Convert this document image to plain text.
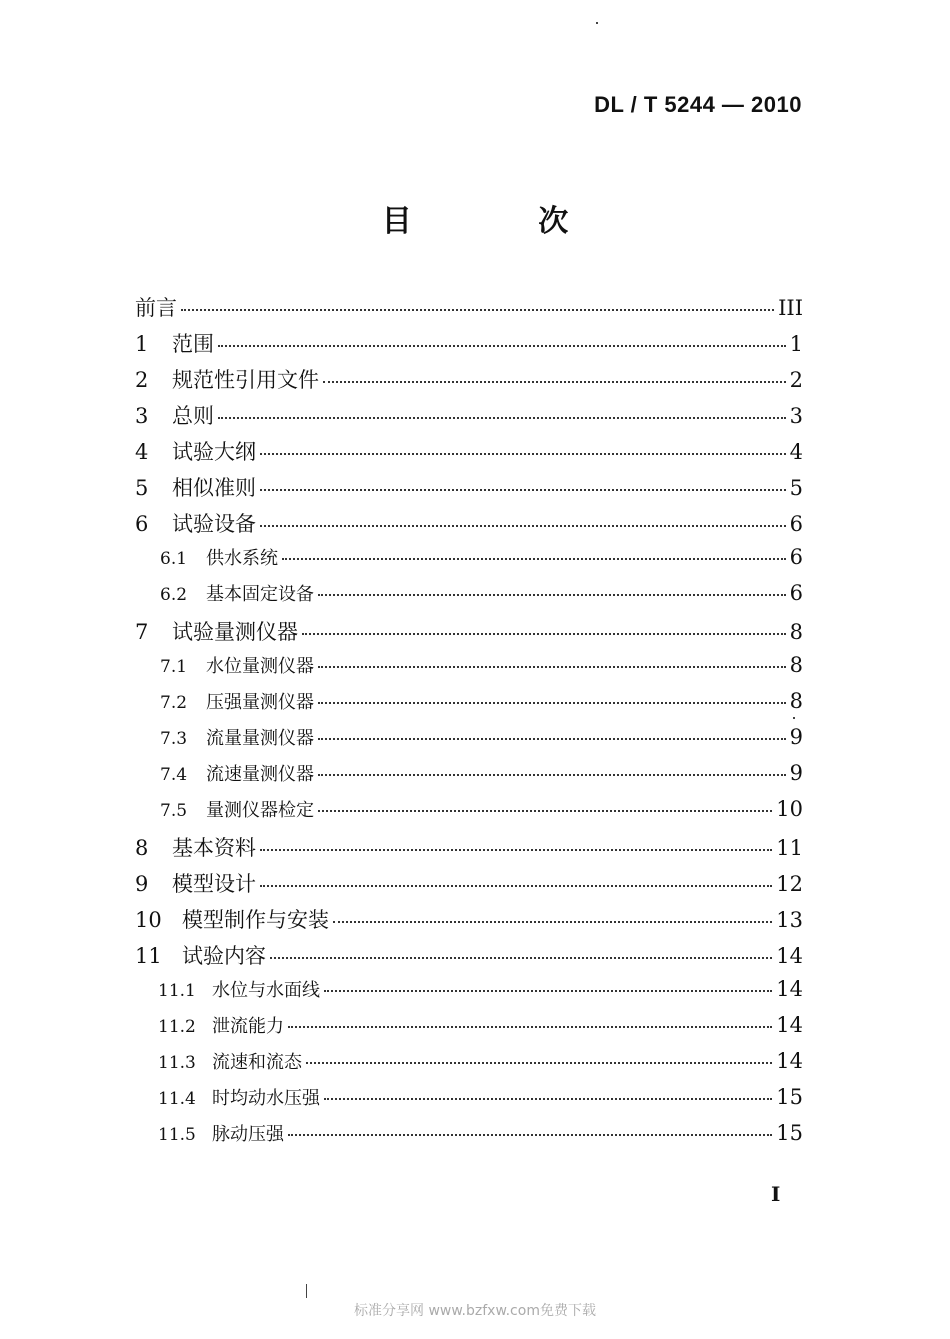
DL / T 5244 — 2010
目 次
前言	III
1	范围	1
2	规范性引用文件	2
3	总则	3
4	试验大纲	4
5	相似准则	5
6	试验设备	6
6.1	供水系统	6
6.2	基本固定设备	6
7	试验量测仪器	8
7.1	水位量测仪器	8
7.2	压强量测仪器	8
7.3	流量量测仪器	9
7.4	流速量测仪器	9
7.5	量测仪器检定	10
8	基本资料	11
9	模型设计	12
10 模型制作与安装	13
11 试验内容	14
11.1 水位与水面线	14
11.2 泄流能力	14
11.3 流速和流态	14
11.4 时均动水压强	15
11.5 脉动压强	15
I
标准分享网 www.bzfxw.com免费下载
